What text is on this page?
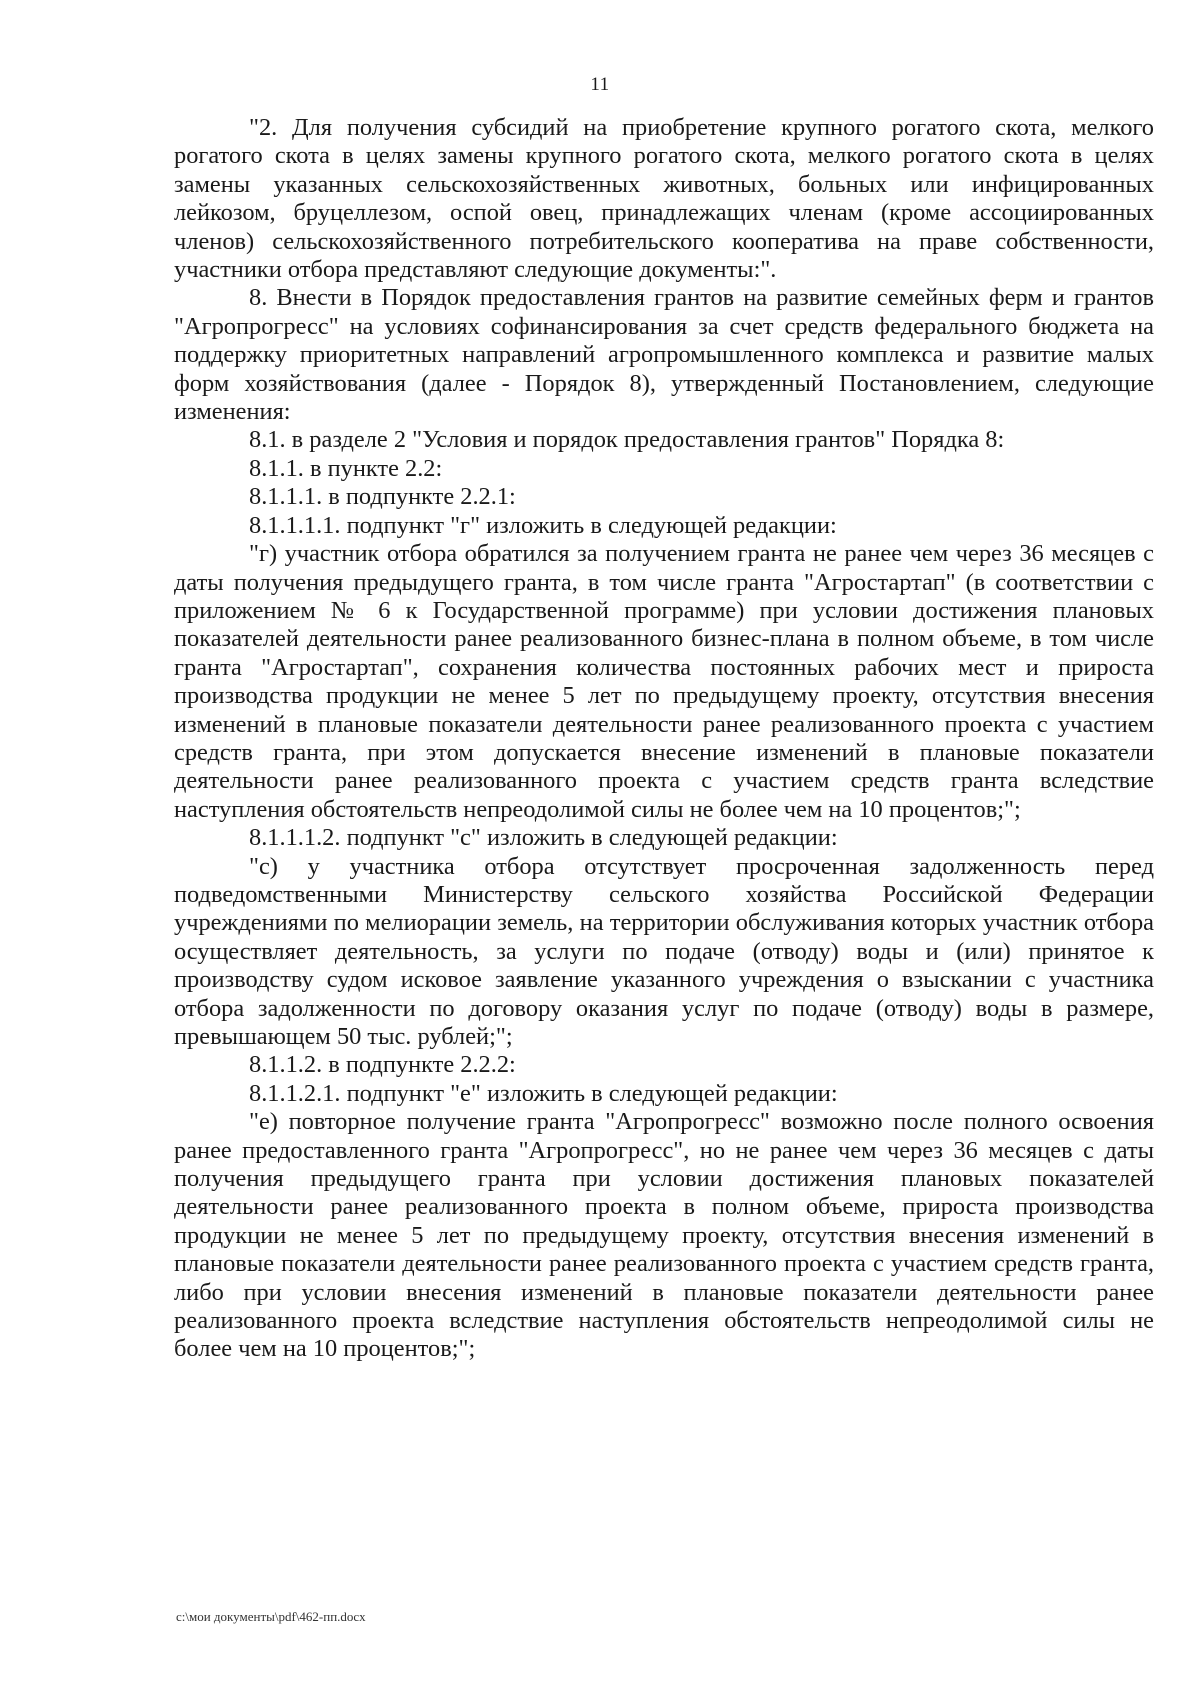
11

"2. Для получения субсидий на приобретение крупного рогатого скота, мелкого рогатого скота в целях замены крупного рогатого скота, мелкого рогатого скота в целях замены указанных сельскохозяйственных животных, больных или инфицированных лейкозом, бруцеллезом, оспой овец, принадлежащих членам (кроме ассоциированных членов) сельскохозяйственного потребительского кооператива на праве собственности, участники отбора представляют следующие документы:".

8. Внести в Порядок предоставления грантов на развитие семейных ферм и грантов "Агропрогресс" на условиях софинансирования за счет средств федерального бюджета на поддержку приоритетных направлений агропромышленного комплекса и развитие малых форм хозяйствования (далее - Порядок 8), утвержденный Постановлением, следующие изменения:

8.1. в разделе 2 "Условия и порядок предоставления грантов" Порядка 8:

8.1.1. в пункте 2.2:

8.1.1.1. в подпункте 2.2.1:

8.1.1.1.1. подпункт "г" изложить в следующей редакции:

"г) участник отбора обратился за получением гранта не ранее чем через 36 месяцев с даты получения предыдущего гранта, в том числе гранта "Агростартап" (в соответствии с приложением № 6 к Государственной программе) при условии достижения плановых показателей деятельности ранее реализованного бизнес-плана в полном объеме, в том числе гранта "Агростартап", сохранения количества постоянных рабочих мест и прироста производства продукции не менее 5 лет по предыдущему проекту, отсутствия внесения изменений в плановые показатели деятельности ранее реализованного проекта с участием средств гранта, при этом допускается внесение изменений в плановые показатели деятельности ранее реализованного проекта с участием средств гранта вследствие наступления обстоятельств непреодолимой силы не более чем на 10 процентов;";

8.1.1.1.2. подпункт "с" изложить в следующей редакции:

"с) у участника отбора отсутствует просроченная задолженность перед подведомственными Министерству сельского хозяйства Российской Федерации учреждениями по мелиорации земель, на территории обслуживания которых участник отбора осуществляет деятельность, за услуги по подаче (отводу) воды и (или) принятое к производству судом исковое заявление указанного учреждения о взыскании с участника отбора задолженности по договору оказания услуг по подаче (отводу) воды в размере, превышающем 50 тыс. рублей;";

8.1.1.2. в подпункте 2.2.2:

8.1.1.2.1. подпункт "е" изложить в следующей редакции:

"е) повторное получение гранта "Агропрогресс" возможно после полного освоения ранее предоставленного гранта "Агропрогресс", но не ранее чем через 36 месяцев с даты получения предыдущего гранта при условии достижения плановых показателей деятельности ранее реализованного проекта в полном объеме, прироста производства продукции не менее 5 лет по предыдущему проекту, отсутствия внесения изменений в плановые показатели деятельности ранее реализованного проекта с участием средств гранта, либо при условии внесения изменений в плановые показатели деятельности ранее реализованного проекта вследствие наступления обстоятельств непреодолимой силы не более чем на 10 процентов;";

c:\мои документы\pdf\462-пп.docx
